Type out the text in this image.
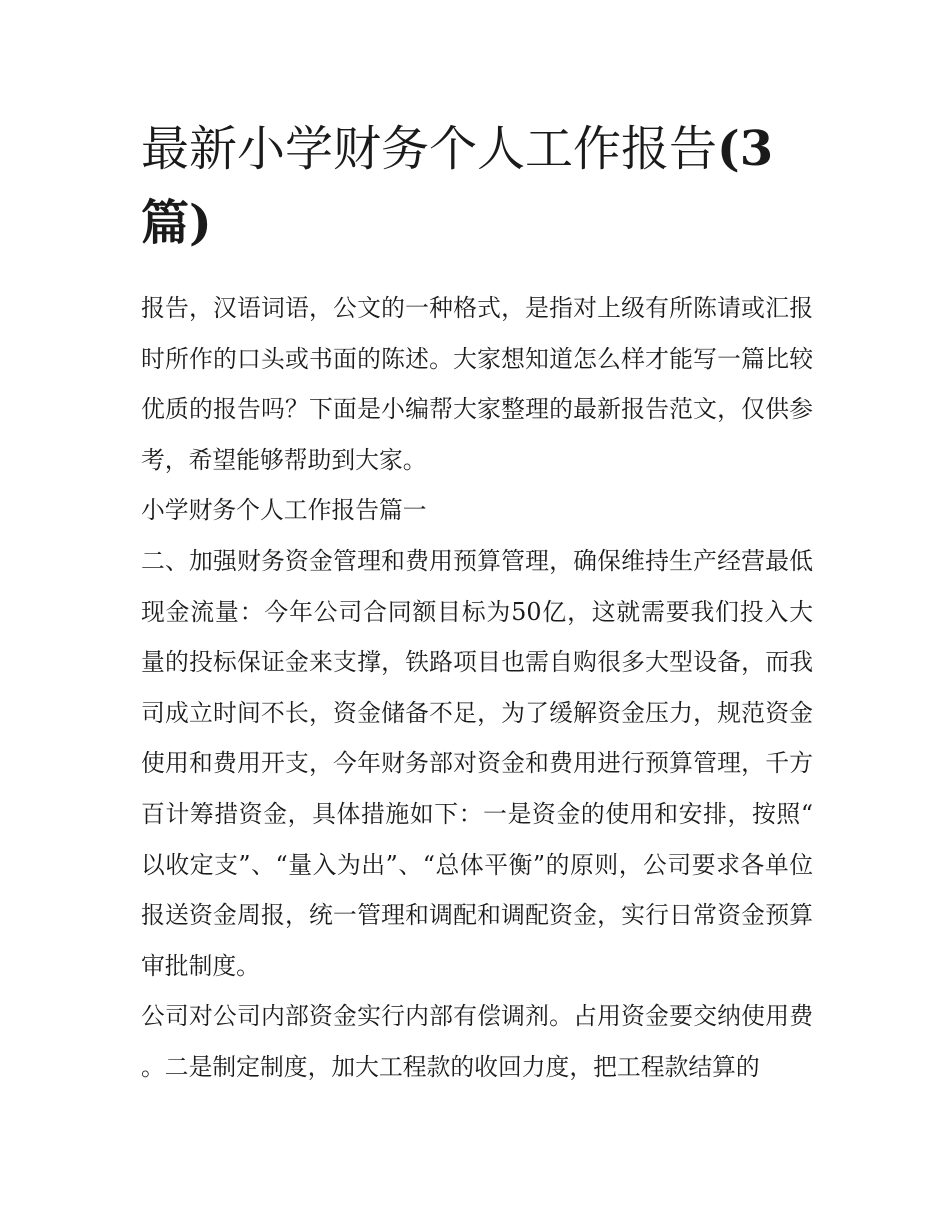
最新小学财务个人工作报告(3篇)

报告，汉语词语，公文的一种格式，是指对上级有所陈请或汇报时所作的口头或书面的陈述。大家想知道怎么样才能写一篇比较优质的报告吗？下面是小编帮大家整理的最新报告范文，仅供参考，希望能够帮助到大家。

小学财务个人工作报告篇一

二、加强财务资金管理和费用预算管理，确保维持生产经营最低现金流量：今年公司合同额目标为50亿，这就需要我们投入大量的投标保证金来支撑，铁路项目也需自购很多大型设备，而我司成立时间不长，资金储备不足，为了缓解资金压力，规范资金使用和费用开支，今年财务部对资金和费用进行预算管理，千方百计筹措资金，具体措施如下：一是资金的使用和安排，按照“以收定支”、“量入为出”、“总体平衡”的原则，公司要求各单位报送资金周报，统一管理和调配和调配资金，实行日常资金预算审批制度。

公司对公司内部资金实行内部有偿调剂。占用资金要交纳使用费。二是制定制度，加大工程款的收回力度，把工程款结算的
